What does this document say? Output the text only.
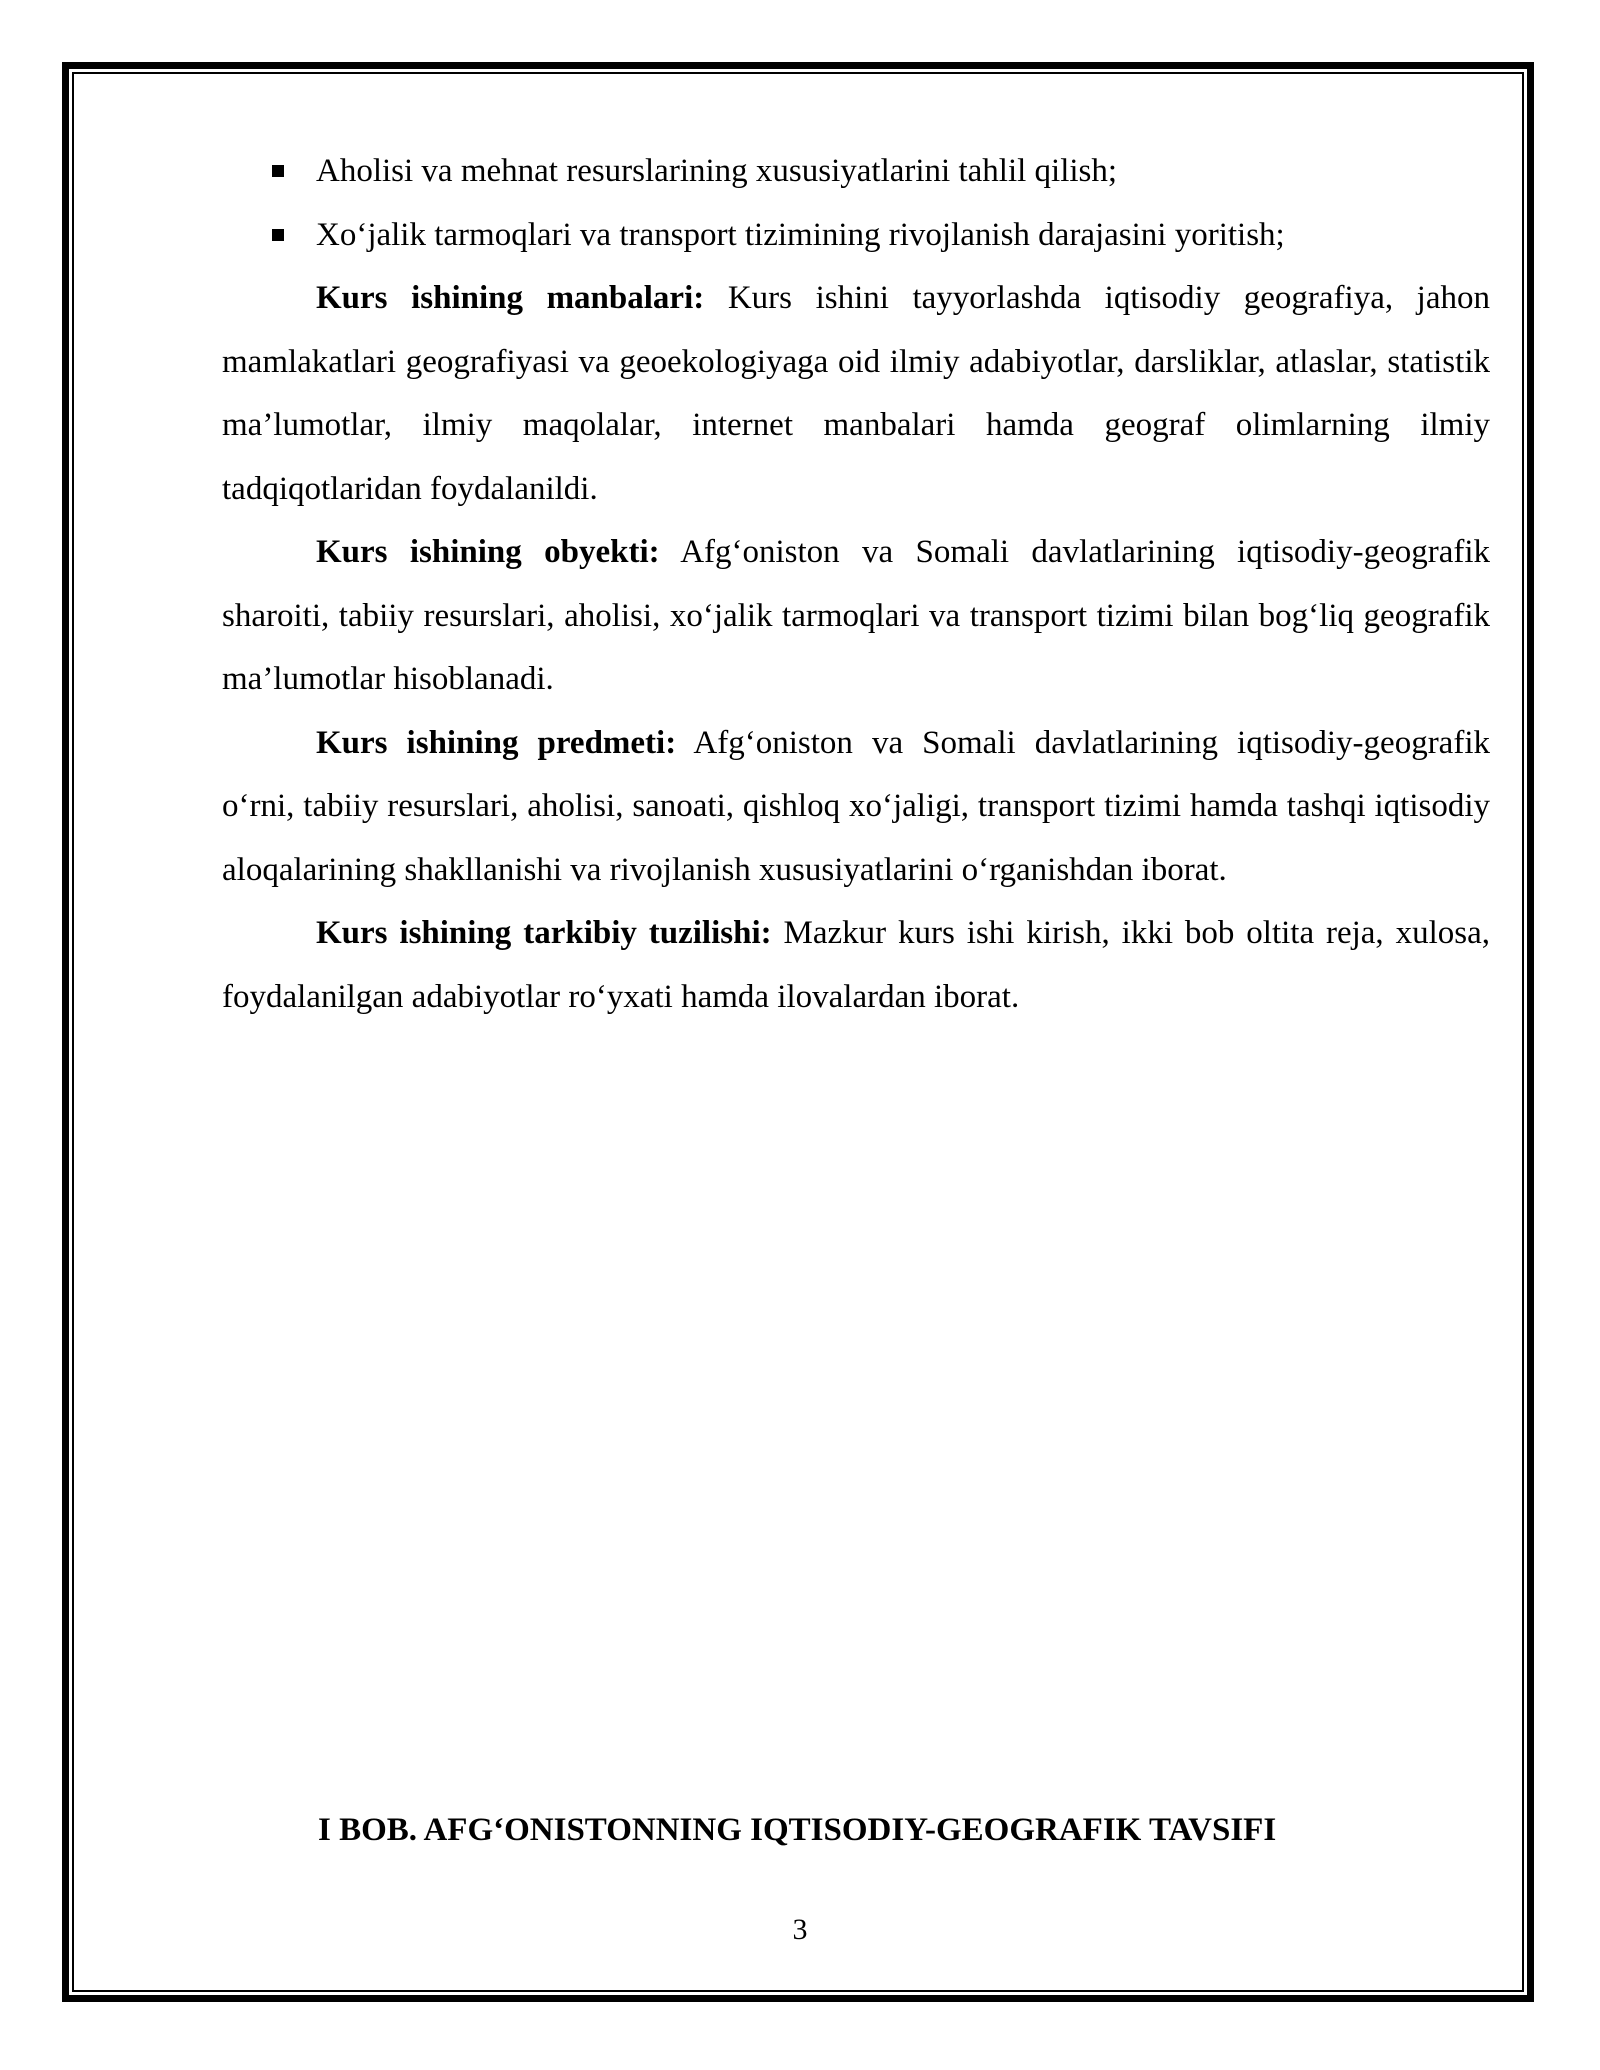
Aholisi va mehnat resurslarining xususiyatlarini tahlil qilish;

Xo‘jalik tarmoqlari va transport tizimining rivojlanish darajasini yoritish;

Kurs ishining manbalari: Kurs ishini tayyorlashda iqtisodiy geografiya, jahon mamlakatlari geografiyasi va geoekologiyaga oid ilmiy adabiyotlar, darsliklar, atlaslar, statistik ma’lumotlar, ilmiy maqolalar, internet manbalari hamda geograf olimlarning ilmiy tadqiqotlaridan foydalanildi.

Kurs ishining obyekti: Afg‘oniston va Somali davlatlarining iqtisodiy-geografik sharoiti, tabiiy resurslari, aholisi, xo‘jalik tarmoqlari va transport tizimi bilan bog‘liq geografik ma’lumotlar hisoblanadi.

Kurs ishining predmeti: Afg‘oniston va Somali davlatlarining iqtisodiy-geografik o‘rni, tabiiy resurslari, aholisi, sanoati, qishloq xo‘jaligi, transport tizimi hamda tashqi iqtisodiy aloqalarining shakllanishi va rivojlanish xususiyatlarini o‘rganishdan iborat.

Kurs ishining tarkibiy tuzilishi: Mazkur kurs ishi kirish, ikki bob oltita reja, xulosa, foydalanilgan adabiyotlar ro‘yxati hamda ilovalardan iborat.

I BOB. AFG‘ONISTONNING IQTISODIY-GEOGRAFIK TAVSIFI
3
